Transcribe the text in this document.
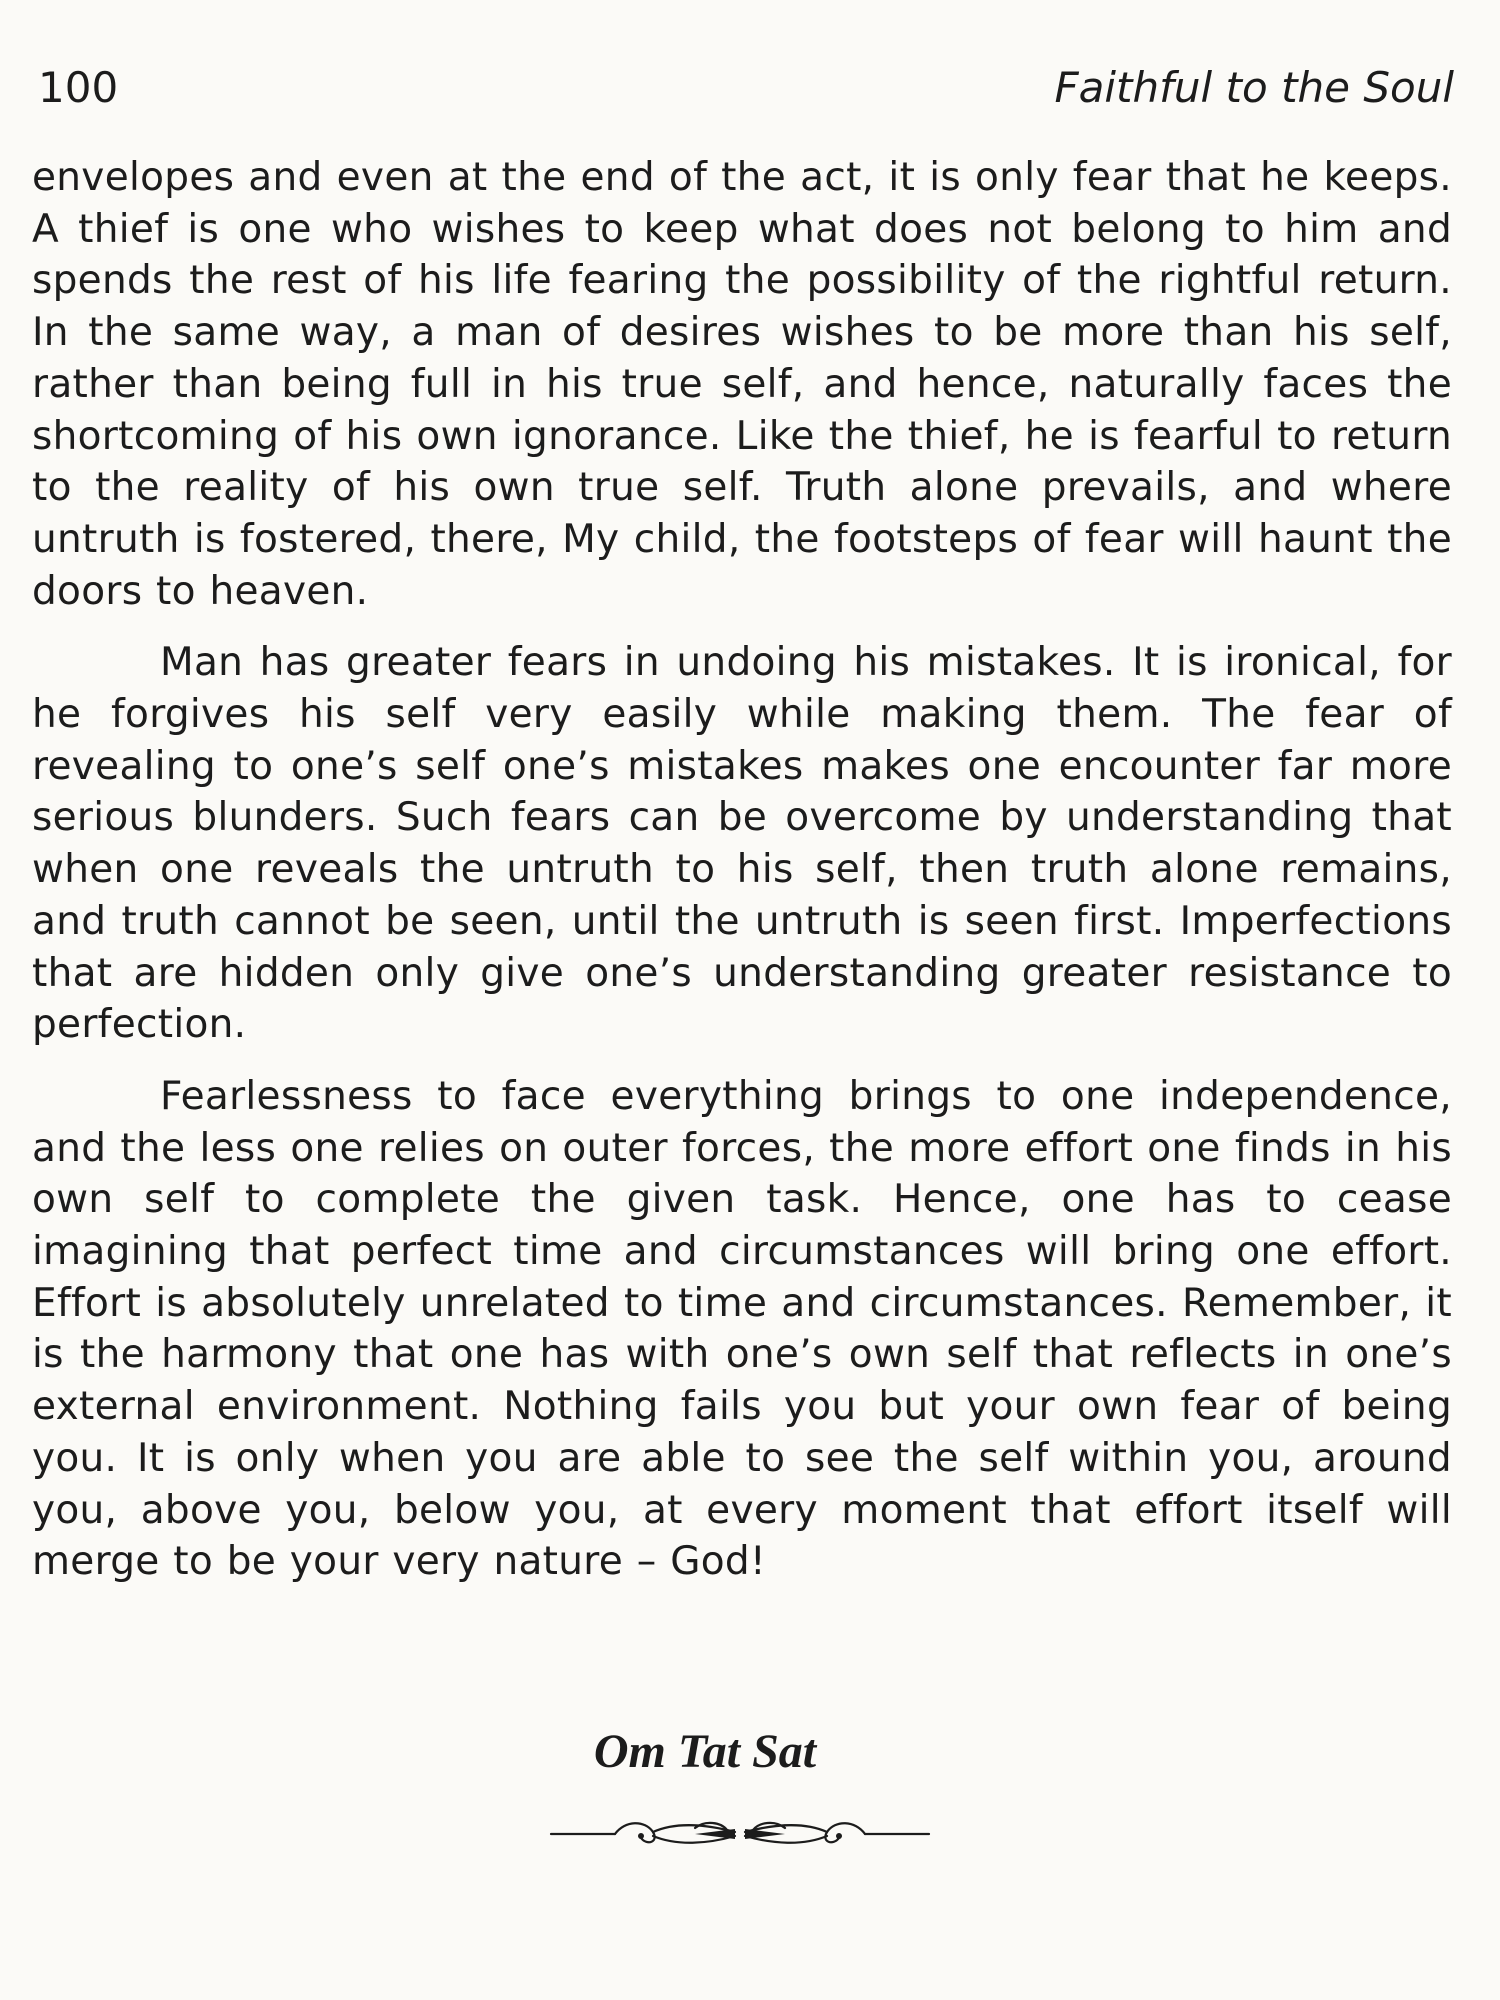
100	Faithful to the Soul

envelopes and even at the end of the act, it is only fear that he keeps. A thief is one who wishes to keep what does not belong to him and spends the rest of his life fearing the possibility of the rightful return. In the same way, a man of desires wishes to be more than his self, rather than being full in his true self, and hence, naturally faces the shortcoming of his own ignorance. Like the thief, he is fearful to return to the reality of his own true self. Truth alone prevails, and where untruth is fostered, there, My child, the footsteps of fear will haunt the doors to heaven.

Man has greater fears in undoing his mistakes. It is ironical, for he forgives his self very easily while making them. The fear of revealing to one’s self one’s mistakes makes one encounter far more serious blunders. Such fears can be overcome by understanding that when one reveals the untruth to his self, then truth alone remains, and truth cannot be seen, until the untruth is seen first. Imperfections that are hidden only give one’s understanding greater resistance to perfection.

Fearlessness to face everything brings to one independence, and the less one relies on outer forces, the more effort one finds in his own self to complete the given task. Hence, one has to cease imagining that perfect time and circumstances will bring one effort. Effort is absolutely unrelated to time and circumstances. Remember, it is the harmony that one has with one’s own self that reflects in one’s external environment. Nothing fails you but your own fear of being you. It is only when you are able to see the self within you, around you, above you, below you, at every moment that effort itself will merge to be your very nature – God!

Om Tat Sat
